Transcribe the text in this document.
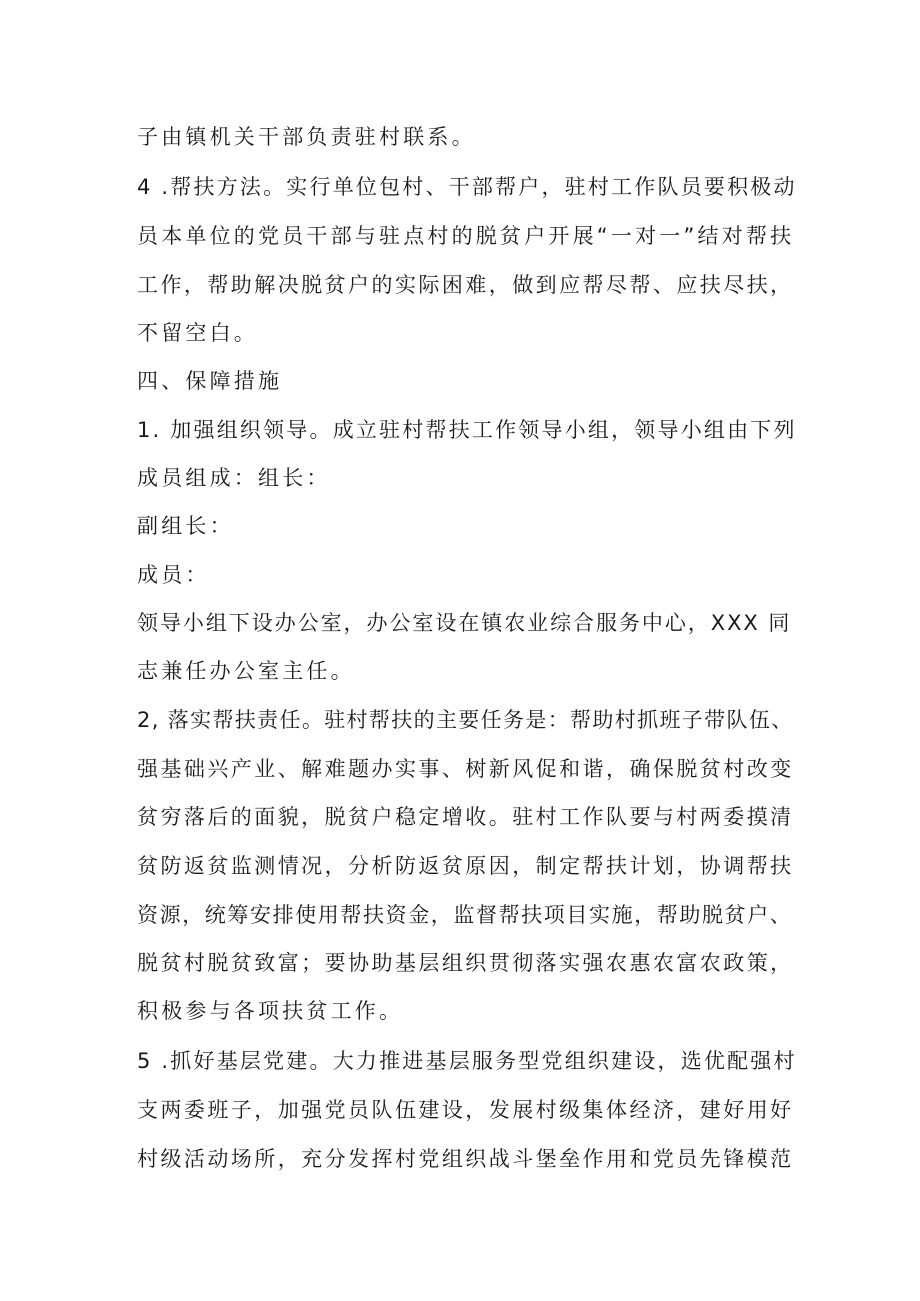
子由镇机关干部负责驻村联系。
4 .帮扶方法。实行单位包村、干部帮户，驻村工作队员要积极动
员本单位的党员干部与驻点村的脱贫户开展“一对一”结对帮扶
工作，帮助解决脱贫户的实际困难，做到应帮尽帮、应扶尽扶，
不留空白。
四、保障措施
1. 加强组织领导。成立驻村帮扶工作领导小组，领导小组由下列
成员组成：组长：
副组长：
成员：
领导小组下设办公室，办公室设在镇农业综合服务中心，XXX 同
志兼任办公室主任。
2, 落实帮扶责任。驻村帮扶的主要任务是：帮助村抓班子带队伍、
强基础兴产业、解难题办实事、树新风促和谐，确保脱贫村改变
贫穷落后的面貌，脱贫户稳定增收。驻村工作队要与村两委摸清
贫防返贫监测情况，分析防返贫原因，制定帮扶计划，协调帮扶
资源，统筹安排使用帮扶资金，监督帮扶项目实施，帮助脱贫户、
脱贫村脱贫致富；要协助基层组织贯彻落实强农惠农富农政策，
积极参与各项扶贫工作。
5 .抓好基层党建。大力推进基层服务型党组织建设，选优配强村
支两委班子，加强党员队伍建设，发展村级集体经济，建好用好
村级活动场所，充分发挥村党组织战斗堡垒作用和党员先锋模范
